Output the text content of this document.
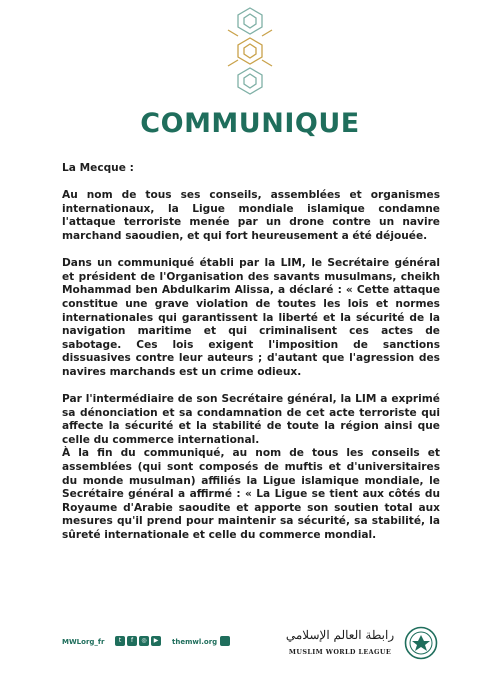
COMMUNIQUE

La Mecque :

Au nom de tous ses conseils, assemblées et organismes internationaux, la Ligue mondiale islamique condamne l'attaque terroriste menée par un drone contre un navire marchand saoudien, et qui fort heureusement a été déjouée.

Dans un communiqué établi par la LIM, le Secrétaire général et président de l'Organisation des savants musulmans, cheikh Mohammad ben Abdulkarim Alissa, a déclaré : « Cette attaque constitue une grave violation de toutes les lois et normes internationales qui garantissent la liberté et la sécurité de la navigation maritime et qui criminalisent ces actes de sabotage. Ces lois exigent l'imposition de sanctions dissuasives contre leur auteurs ; d'autant que l'agression des navires marchands est un crime odieux.

Par l'intermédiaire de son Secrétaire général, la LIM a exprimé sa dénonciation et sa condamnation de cet acte terroriste qui affecte la sécurité et la stabilité de toute la région ainsi que celle du commerce international.

À la fin du communiqué, au nom de tous les conseils et assemblées (qui sont composés de muftis et d'universitaires du monde musulman) affiliés la Ligue islamique mondiale, le Secrétaire général a affirmé : « La Ligue se tient aux côtés du Royaume d'Arabie saoudite et apporte son soutien total aux mesures qu'il prend pour maintenir sa sécurité, sa stabilité, la sûreté internationale et celle du commerce mondial.

MWLorg_fr	t	f	◎	▶	themwl.org	رابطة العالم الإسلامي
MUSLIM WORLD LEAGUE
